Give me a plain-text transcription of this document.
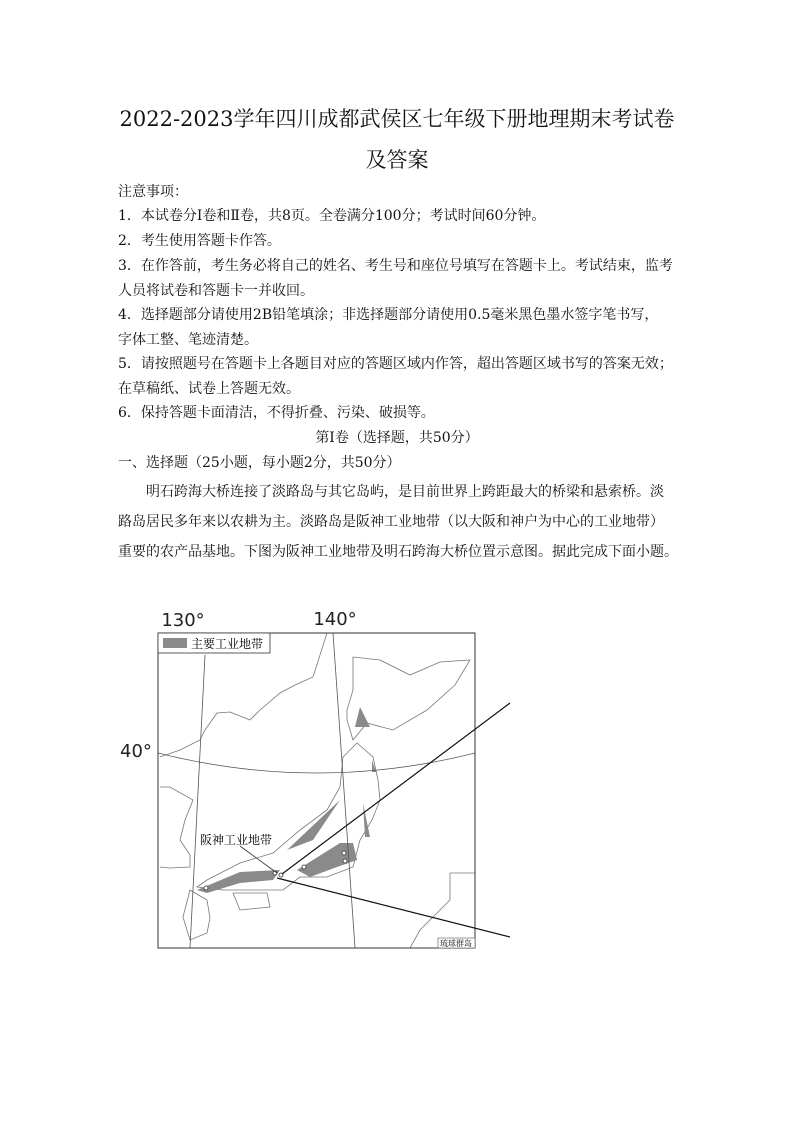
2022-2023学年四川成都武侯区七年级下册地理期末考试卷
及答案
注意事项：
1．本试卷分Ⅰ卷和Ⅱ卷，共8页。全卷满分100分；考试时间60分钟。
2．考生使用答题卡作答。
3．在作答前，考生务必将自己的姓名、考生号和座位号填写在答题卡上。考试结束，监考
人员将试卷和答题卡一并收回。
4．选择题部分请使用2B铅笔填涂；非选择题部分请使用0.5毫米黑色墨水签字笔书写，
字体工整、笔迹清楚。
5．请按照题号在答题卡上各题目对应的答题区域内作答，超出答题区域书写的答案无效；
在草稿纸、试卷上答题无效。
6．保持答题卡面清洁，不得折叠、污染、破损等。
第Ⅰ卷（选择题，共50分）
一、选择题（25小题，每小题2分，共50分）
明石跨海大桥连接了淡路岛与其它岛屿，是目前世界上跨距最大的桥梁和悬索桥。淡
路岛居民多年来以农耕为主。淡路岛是阪神工业地带（以大阪和神户为中心的工业地带）
重要的农产品基地。下图为阪神工业地带及明石跨海大桥位置示意图。据此完成下面小题。
主要工业地带
130°	140°
40°
阪神工业地带
琉球群岛
